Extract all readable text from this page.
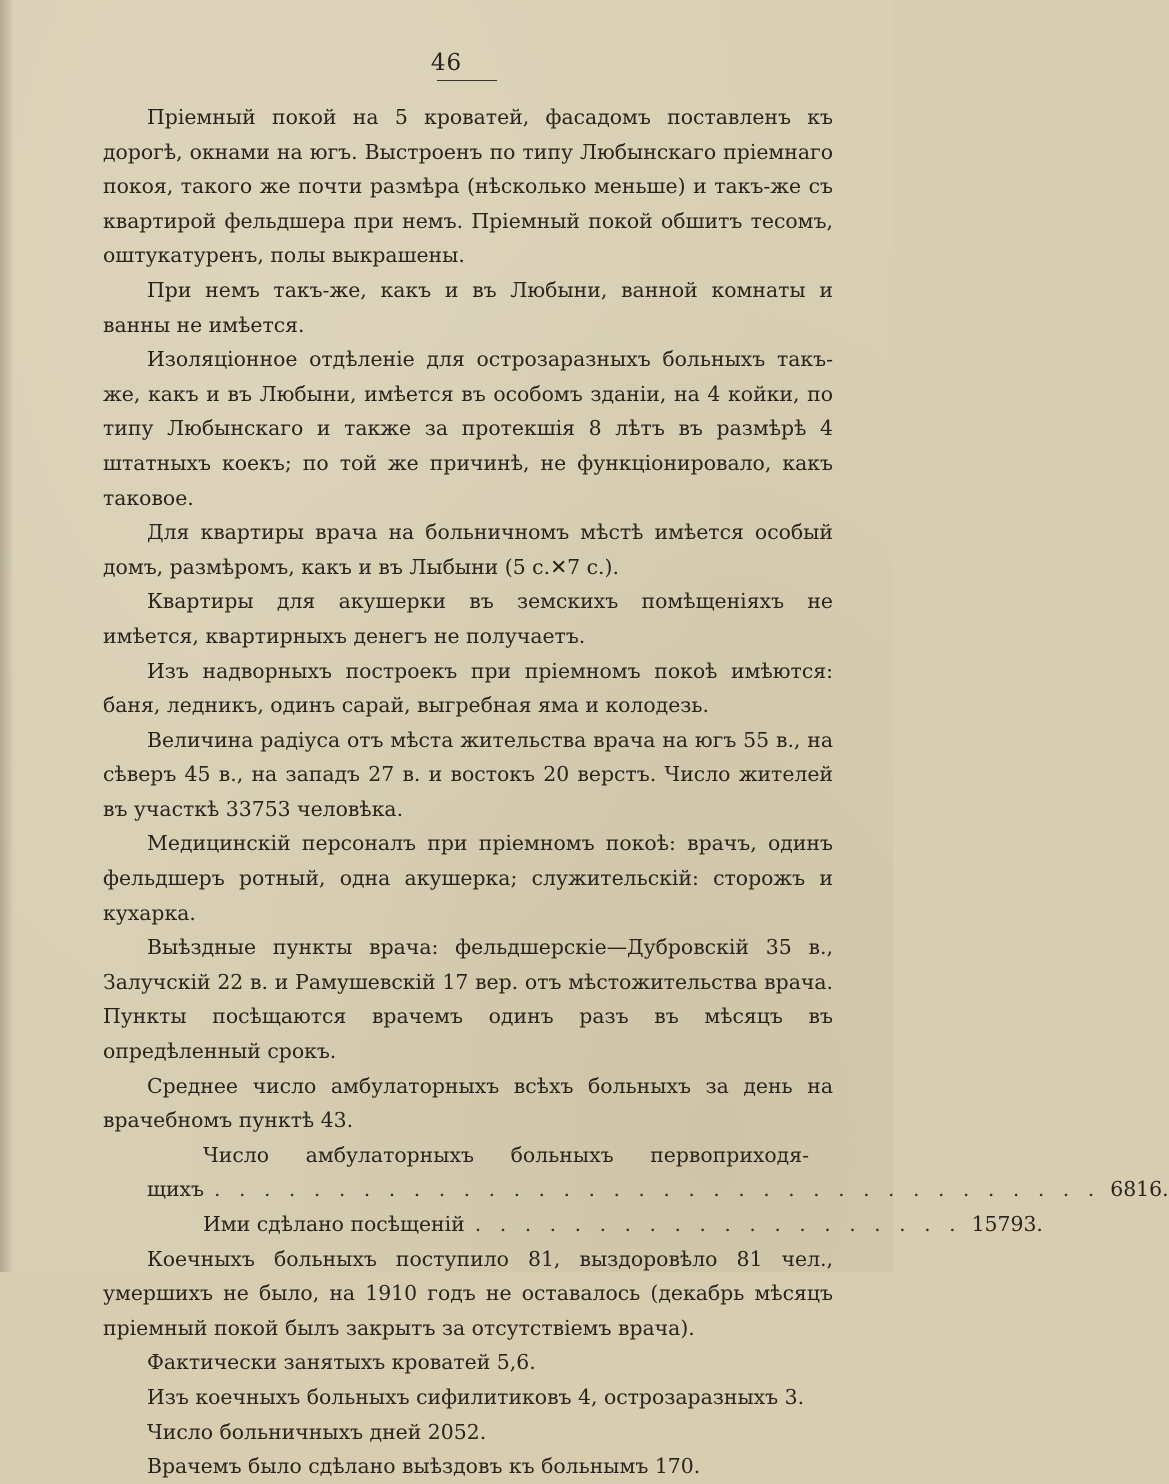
46

Пріемный покой на 5 кроватей, фасадомъ поставленъ къ дорогѣ, окнами на югъ. Выстроенъ по типу Любынскаго пріемнаго покоя, такого же почти размѣра (нѣсколько меньше) и такъ-же съ квартирой фельдшера при немъ. Пріемный покой обшитъ тесомъ, оштукатуренъ, полы выкрашены.

При немъ такъ-же, какъ и въ Любыни, ванной комнаты и ванны не имѣется.

Изоляціонное отдѣленіе для острозаразныхъ больныхъ такъ-же, какъ и въ Любыни, имѣется въ особомъ зданіи, на 4 койки, по типу Любынскаго и также за протекшія 8 лѣтъ въ размѣрѣ 4 штатныхъ коекъ; по той же причинѣ, не функціонировало, какъ таковое.

Для квартиры врача на больничномъ мѣстѣ имѣется особый домъ, размѣромъ, какъ и въ Лыбыни (5 с.✕7 с.).

Квартиры для акушерки въ земскихъ помѣщеніяхъ не имѣется, квартирныхъ денегъ не получаетъ.

Изъ надворныхъ построекъ при пріемномъ покоѣ имѣются: баня, ледникъ, одинъ сарай, выгребная яма и колодезь.

Величина радіуса отъ мѣста жительства врача на югъ 55 в., на сѣверъ 45 в., на западъ 27 в. и востокъ 20 верстъ. Число жителей въ участкѣ 33753 человѣка.

Медицинскій персоналъ при пріемномъ покоѣ: врачъ, одинъ фельдшеръ ротный, одна акушерка; служительскій: сторожъ и кухарка.

Выѣздные пункты врача: фельдшерскіе—Дубровскій 35 в., Залучскій 22 в. и Рамушевскій 17 вер. отъ мѣстожительства врача. Пункты посѣщаются врачемъ одинъ разъ въ мѣсяцъ въ опредѣленный срокъ.

Среднее число амбулаторныхъ всѣхъ больныхъ за день на врачебномъ пунктѣ 43.

Число амбулаторныхъ больныхъ первоприходя-
щихъ . . . . . . . . . . . . . . . . . . . . . . . . . . . . . . . . . . . . 6816.
Ими сдѣлано посѣщеній . . . . . . . . . . . . . . . . . . . . 15793.

Коечныхъ больныхъ поступило 81, выздоровѣло 81 чел., умершихъ не было, на 1910 годъ не оставалось (декабрь мѣсяцъ пріемный покой былъ закрытъ за отсутствіемъ врача).

Фактически занятыхъ кроватей 5,6.

Изъ коечныхъ больныхъ сифилитиковъ 4, острозаразныхъ 3.

Число больничныхъ дней 2052.

Врачемъ было сдѣлано выѣздовъ къ больнымъ 170.
